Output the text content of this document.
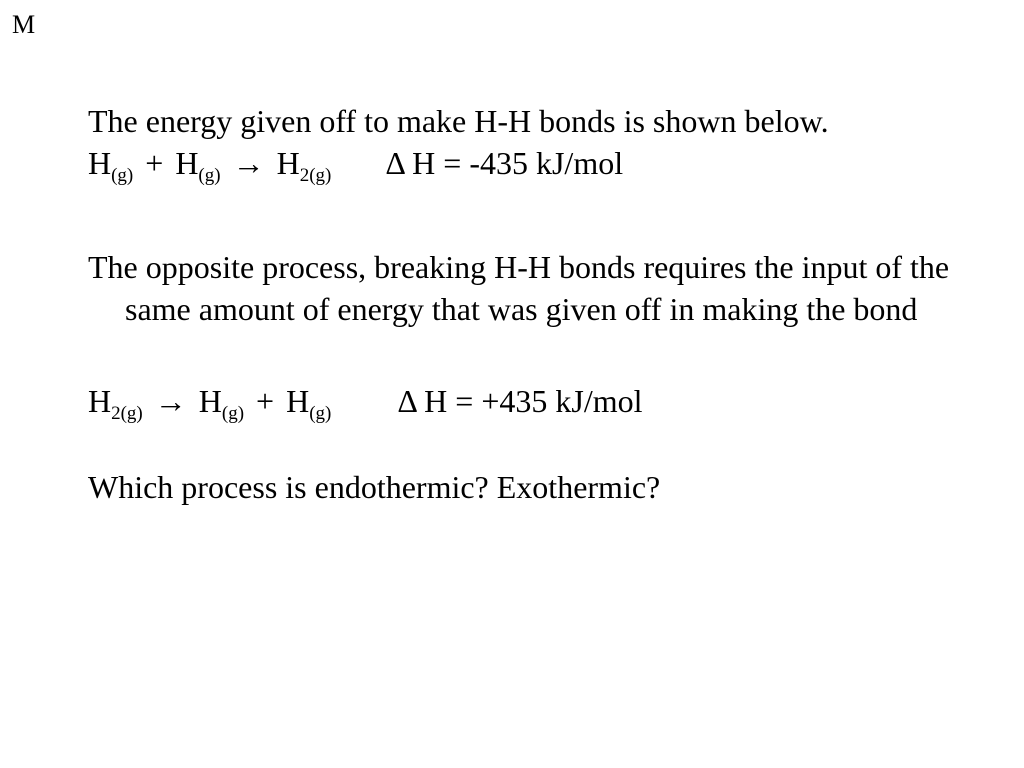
M

The energy given off to make H-H bonds is shown below.

$H_{(g)} + H_{(g)} \to H_{2(g)}$ Δ H = -435 kJ/mol

The opposite process, breaking H-H bonds requires the input of the same amount of energy that was given off in making the bond

$H_{2(g)} \to H_{(g)} + H_{(g)}$ Δ H = +435 kJ/mol

Which process is endothermic? Exothermic?
